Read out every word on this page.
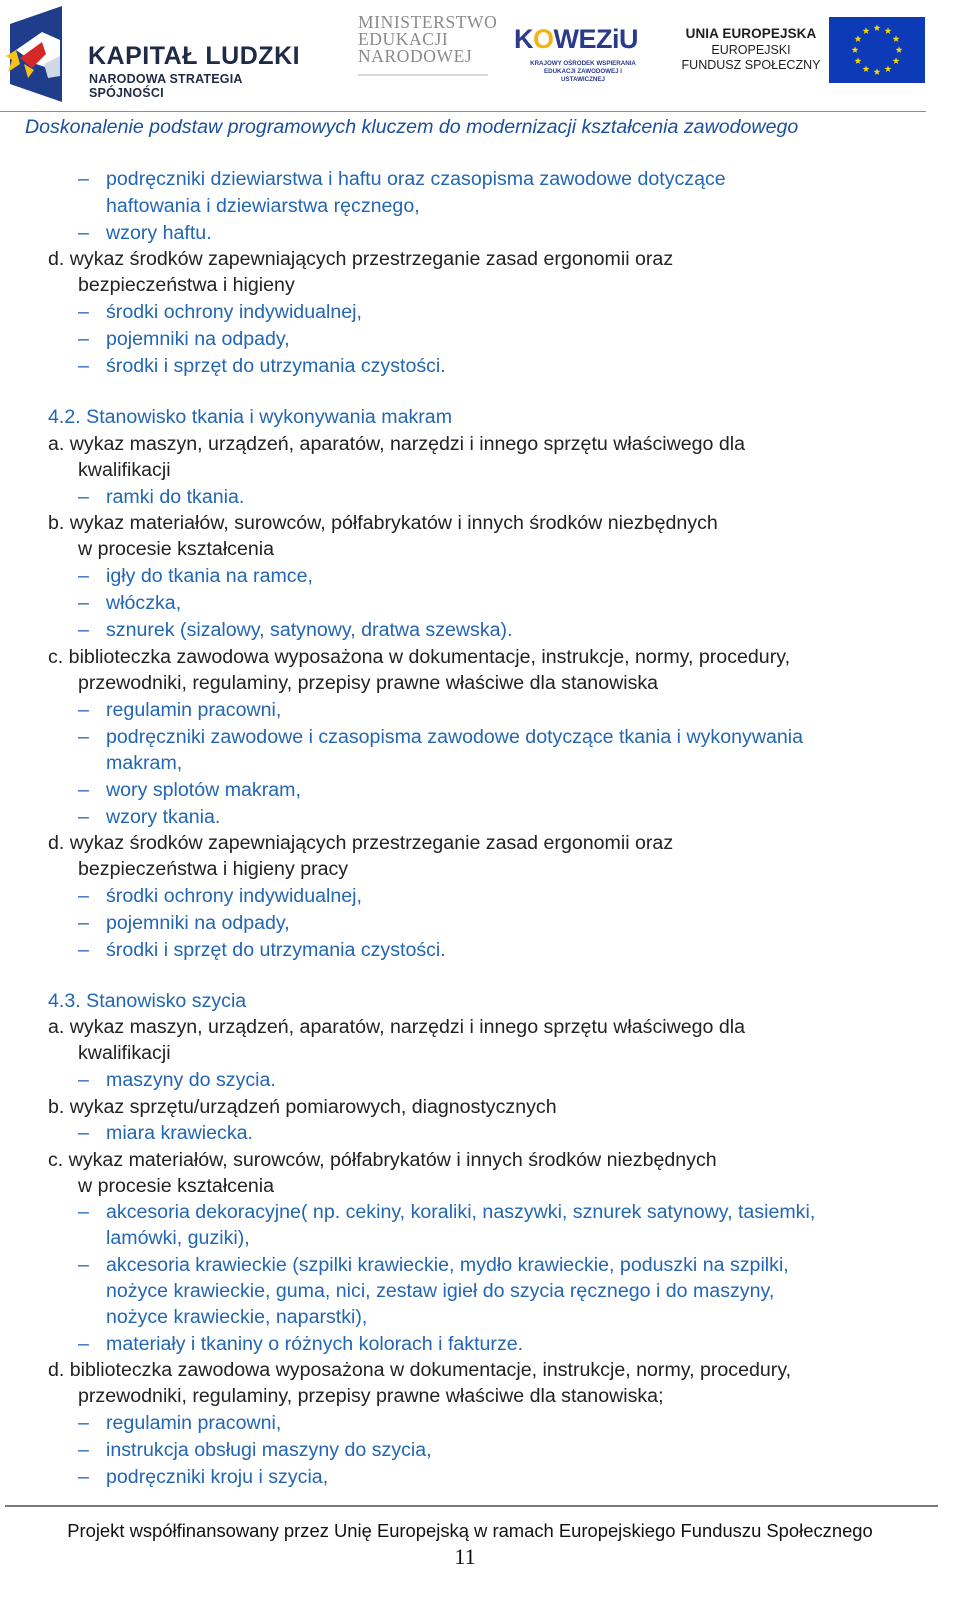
KAPITAŁ LUDZKI
NARODOWA STRATEGIA SPÓJNOŚCI
MINISTERSTWO
EDUKACJI
NARODOWEJ
KOWEZiU
KRAJOWY OŚRODEK WSPIERANIA EDUKACJI ZAWODOWEJ I USTAWICZNEJ
UNIA EUROPEJSKA
EUROPEJSKI
FUNDUSZ SPOŁECZNY
Doskonalenie podstaw programowych kluczem do modernizacji kształcenia zawodowego
– podręczniki dziewiarstwa i haftu oraz czasopisma zawodowe dotyczące
haftowania i dziewiarstwa ręcznego,
– wzory haftu.
d. wykaz środków zapewniających przestrzeganie zasad ergonomii oraz
bezpieczeństwa i higieny
– środki ochrony indywidualnej,
– pojemniki na odpady,
– środki i sprzęt do utrzymania czystości.
4.2. Stanowisko tkania i wykonywania makram
a. wykaz maszyn, urządzeń, aparatów, narzędzi i innego sprzętu właściwego dla
kwalifikacji
– ramki do tkania.
b. wykaz materiałów, surowców, półfabrykatów i innych środków niezbędnych
w procesie kształcenia
– igły do tkania na ramce,
– włóczka,
– sznurek (sizalowy, satynowy, dratwa szewska).
c. biblioteczka zawodowa wyposażona w dokumentacje, instrukcje, normy, procedury,
przewodniki, regulaminy, przepisy prawne właściwe dla stanowiska
– regulamin pracowni,
– podręczniki zawodowe i czasopisma zawodowe dotyczące tkania i wykonywania
makram,
– wory splotów makram,
– wzory tkania.
d. wykaz środków zapewniających przestrzeganie zasad ergonomii oraz
bezpieczeństwa i higieny pracy
– środki ochrony indywidualnej,
– pojemniki na odpady,
– środki i sprzęt do utrzymania czystości.
4.3. Stanowisko szycia
a. wykaz maszyn, urządzeń, aparatów, narzędzi i innego sprzętu właściwego dla
kwalifikacji
– maszyny do szycia.
b. wykaz sprzętu/urządzeń pomiarowych, diagnostycznych
– miara krawiecka.
c. wykaz materiałów, surowców, półfabrykatów i innych środków niezbędnych
w procesie kształcenia
– akcesoria dekoracyjne( np. cekiny, koraliki, naszywki, sznurek satynowy, tasiemki,
lamówki, guziki),
– akcesoria krawieckie (szpilki krawieckie, mydło krawieckie, poduszki na szpilki,
nożyce krawieckie, guma, nici, zestaw igieł do szycia ręcznego i do maszyny,
nożyce krawieckie, naparstki),
– materiały i tkaniny o różnych kolorach i fakturze.
d. biblioteczka zawodowa wyposażona w dokumentacje, instrukcje, normy, procedury,
przewodniki, regulaminy, przepisy prawne właściwe dla stanowiska;
– regulamin pracowni,
– instrukcja obsługi maszyny do szycia,
– podręczniki kroju i szycia,
Projekt współfinansowany przez Unię Europejską w ramach Europejskiego Funduszu Społecznego
11
